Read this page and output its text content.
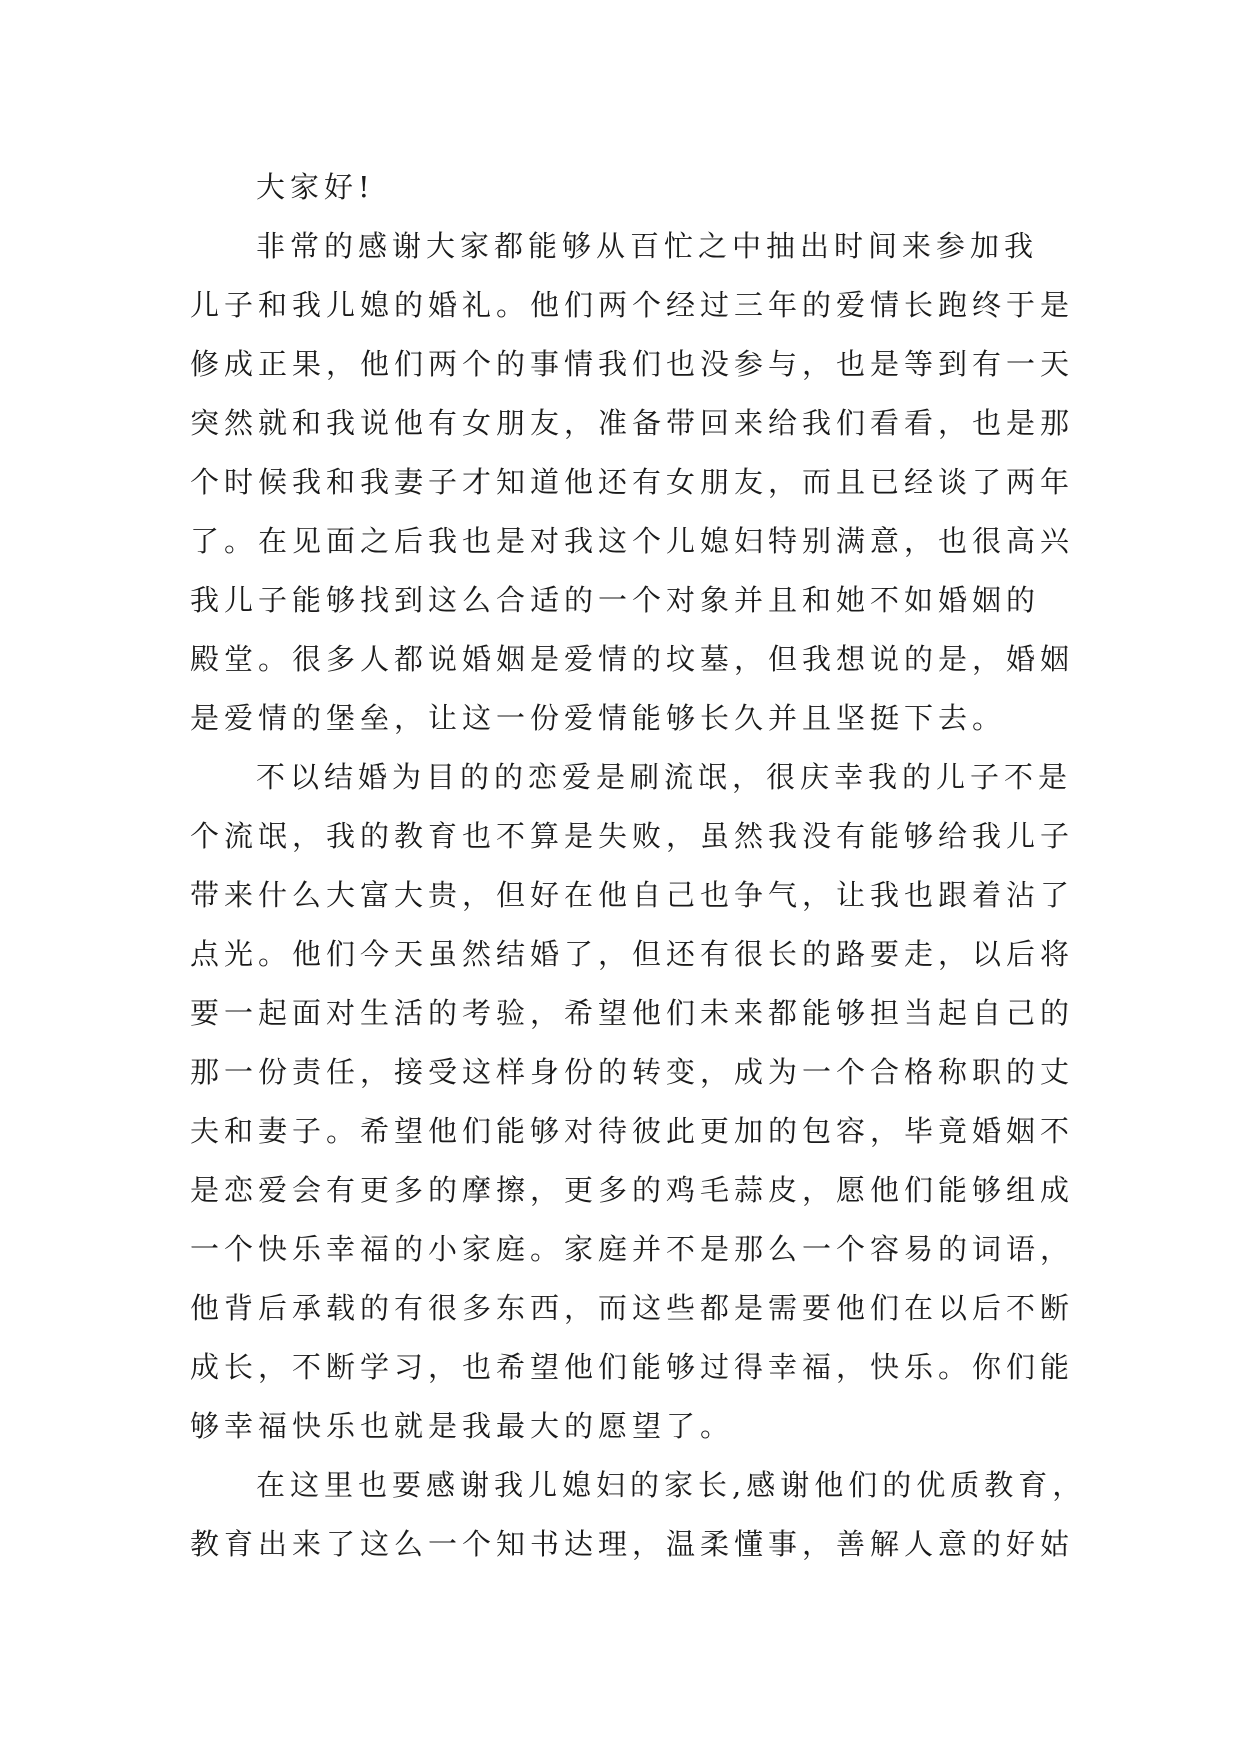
大家好!
非常的感谢大家都能够从百忙之中抽出时间来参加我
儿子和我儿媳的婚礼。他们两个经过三年的爱情长跑终于是
修成正果，他们两个的事情我们也没参与，也是等到有一天
突然就和我说他有女朋友，准备带回来给我们看看，也是那
个时候我和我妻子才知道他还有女朋友，而且已经谈了两年
了。在见面之后我也是对我这个儿媳妇特别满意，也很高兴
我儿子能够找到这么合适的一个对象并且和她不如婚姻的
殿堂。很多人都说婚姻是爱情的坟墓，但我想说的是，婚姻
是爱情的堡垒，让这一份爱情能够长久并且坚挺下去。
不以结婚为目的的恋爱是刷流氓，很庆幸我的儿子不是
个流氓，我的教育也不算是失败，虽然我没有能够给我儿子
带来什么大富大贵，但好在他自己也争气，让我也跟着沾了
点光。他们今天虽然结婚了，但还有很长的路要走，以后将
要一起面对生活的考验，希望他们未来都能够担当起自己的
那一份责任，接受这样身份的转变，成为一个合格称职的丈
夫和妻子。希望他们能够对待彼此更加的包容，毕竟婚姻不
是恋爱会有更多的摩擦，更多的鸡毛蒜皮，愿他们能够组成
一个快乐幸福的小家庭。家庭并不是那么一个容易的词语，
他背后承载的有很多东西，而这些都是需要他们在以后不断
成长，不断学习，也希望他们能够过得幸福，快乐。你们能
够幸福快乐也就是我最大的愿望了。
在这里也要感谢我儿媳妇的家长,感谢他们的优质教育，
教育出来了这么一个知书达理，温柔懂事，善解人意的好姑
